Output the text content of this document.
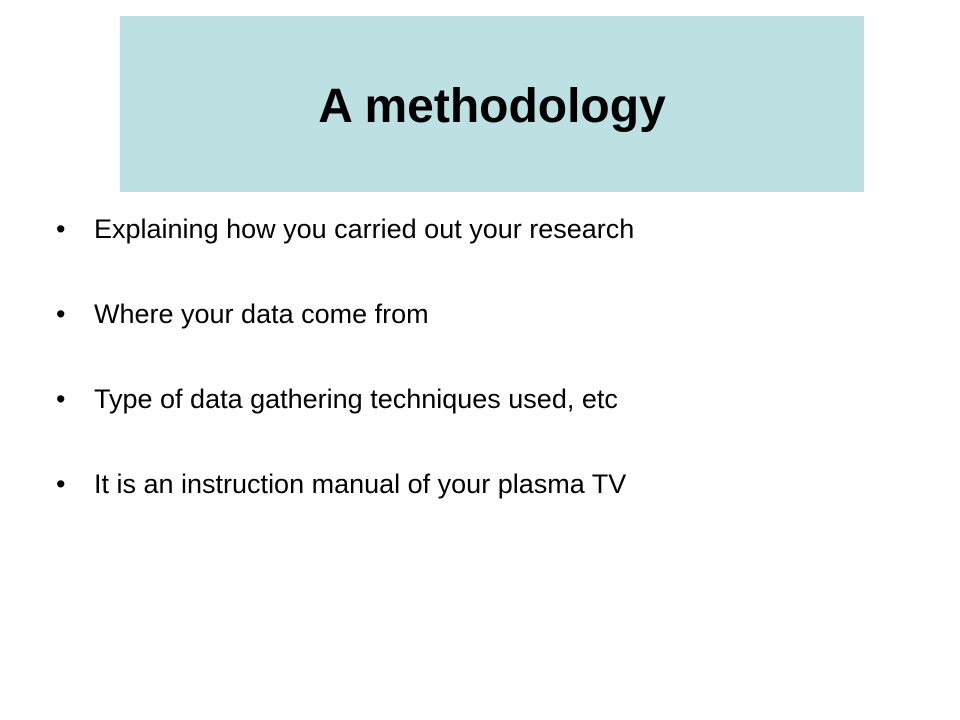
A methodology
•	Explaining how you carried out your research
•	Where your data come from
•	Type of data gathering techniques used, etc
•	It is an instruction manual of your plasma TV
